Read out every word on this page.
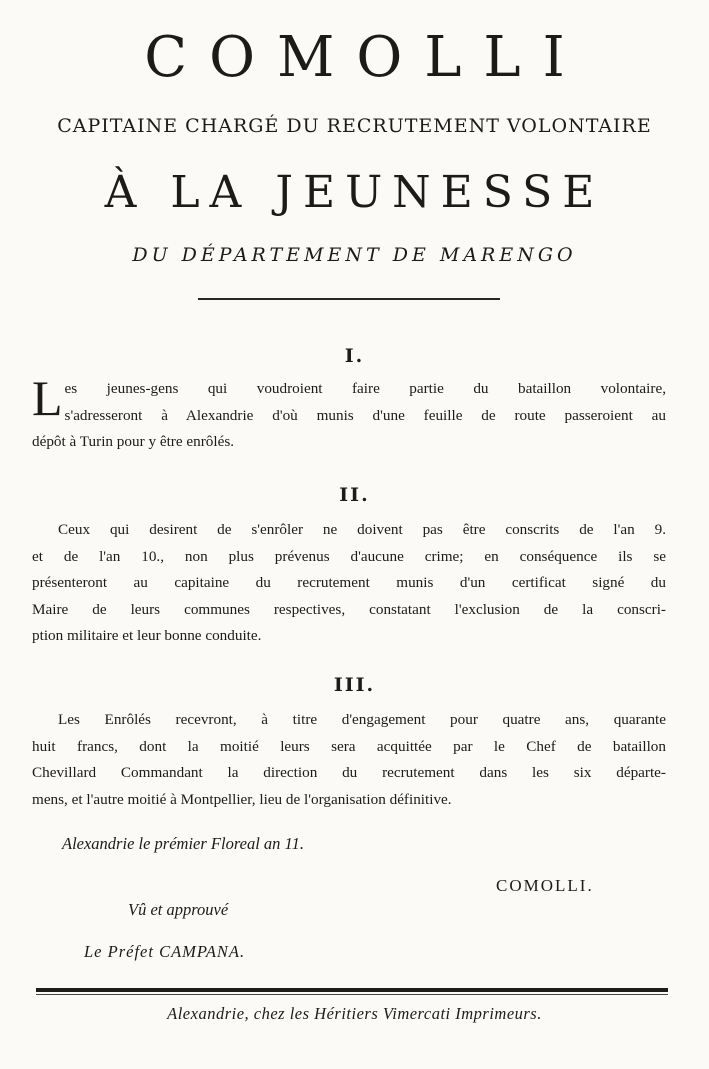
COMOLLI
CAPITAINE CHARGÉ DU RECRUTEMENT VOLONTAIRE
À LA JEUNESSE
DU DÉPARTEMENT DE MARENGO
I.
L es jeunes-gens qui voudroient faire partie du bataillon volontaire,
s'adresseront à Alexandrie d'où munis d'une feuille de route passeroient au
dépôt à Turin pour y être enrôlés.
II.
Ceux qui desirent de s'enrôler ne doivent pas être conscrits de l'an 9.
et de l'an 10., non plus prévenus d'aucune crime; en conséquence ils se
présenteront au capitaine du recrutement munis d'un certificat signé du
Maire de leurs communes respectives, constatant l'exclusion de la conscri-
ption militaire et leur bonne conduite.
III.
Les Enrôlés recevront, à titre d'engagement pour quatre ans, quarante
huit francs, dont la moitié leurs sera acquittée par le Chef de bataillon
Chevillard Commandant la direction du recrutement dans les six départe-
mens, et l'autre moitié à Montpellier, lieu de l'organisation définitive.
Alexandrie le prémier Floreal an 11.
COMOLLI.
Vû et approuvé
Le Préfet CAMPANA.
Alexandrie, chez les Héritiers Vimercati Imprimeurs.
